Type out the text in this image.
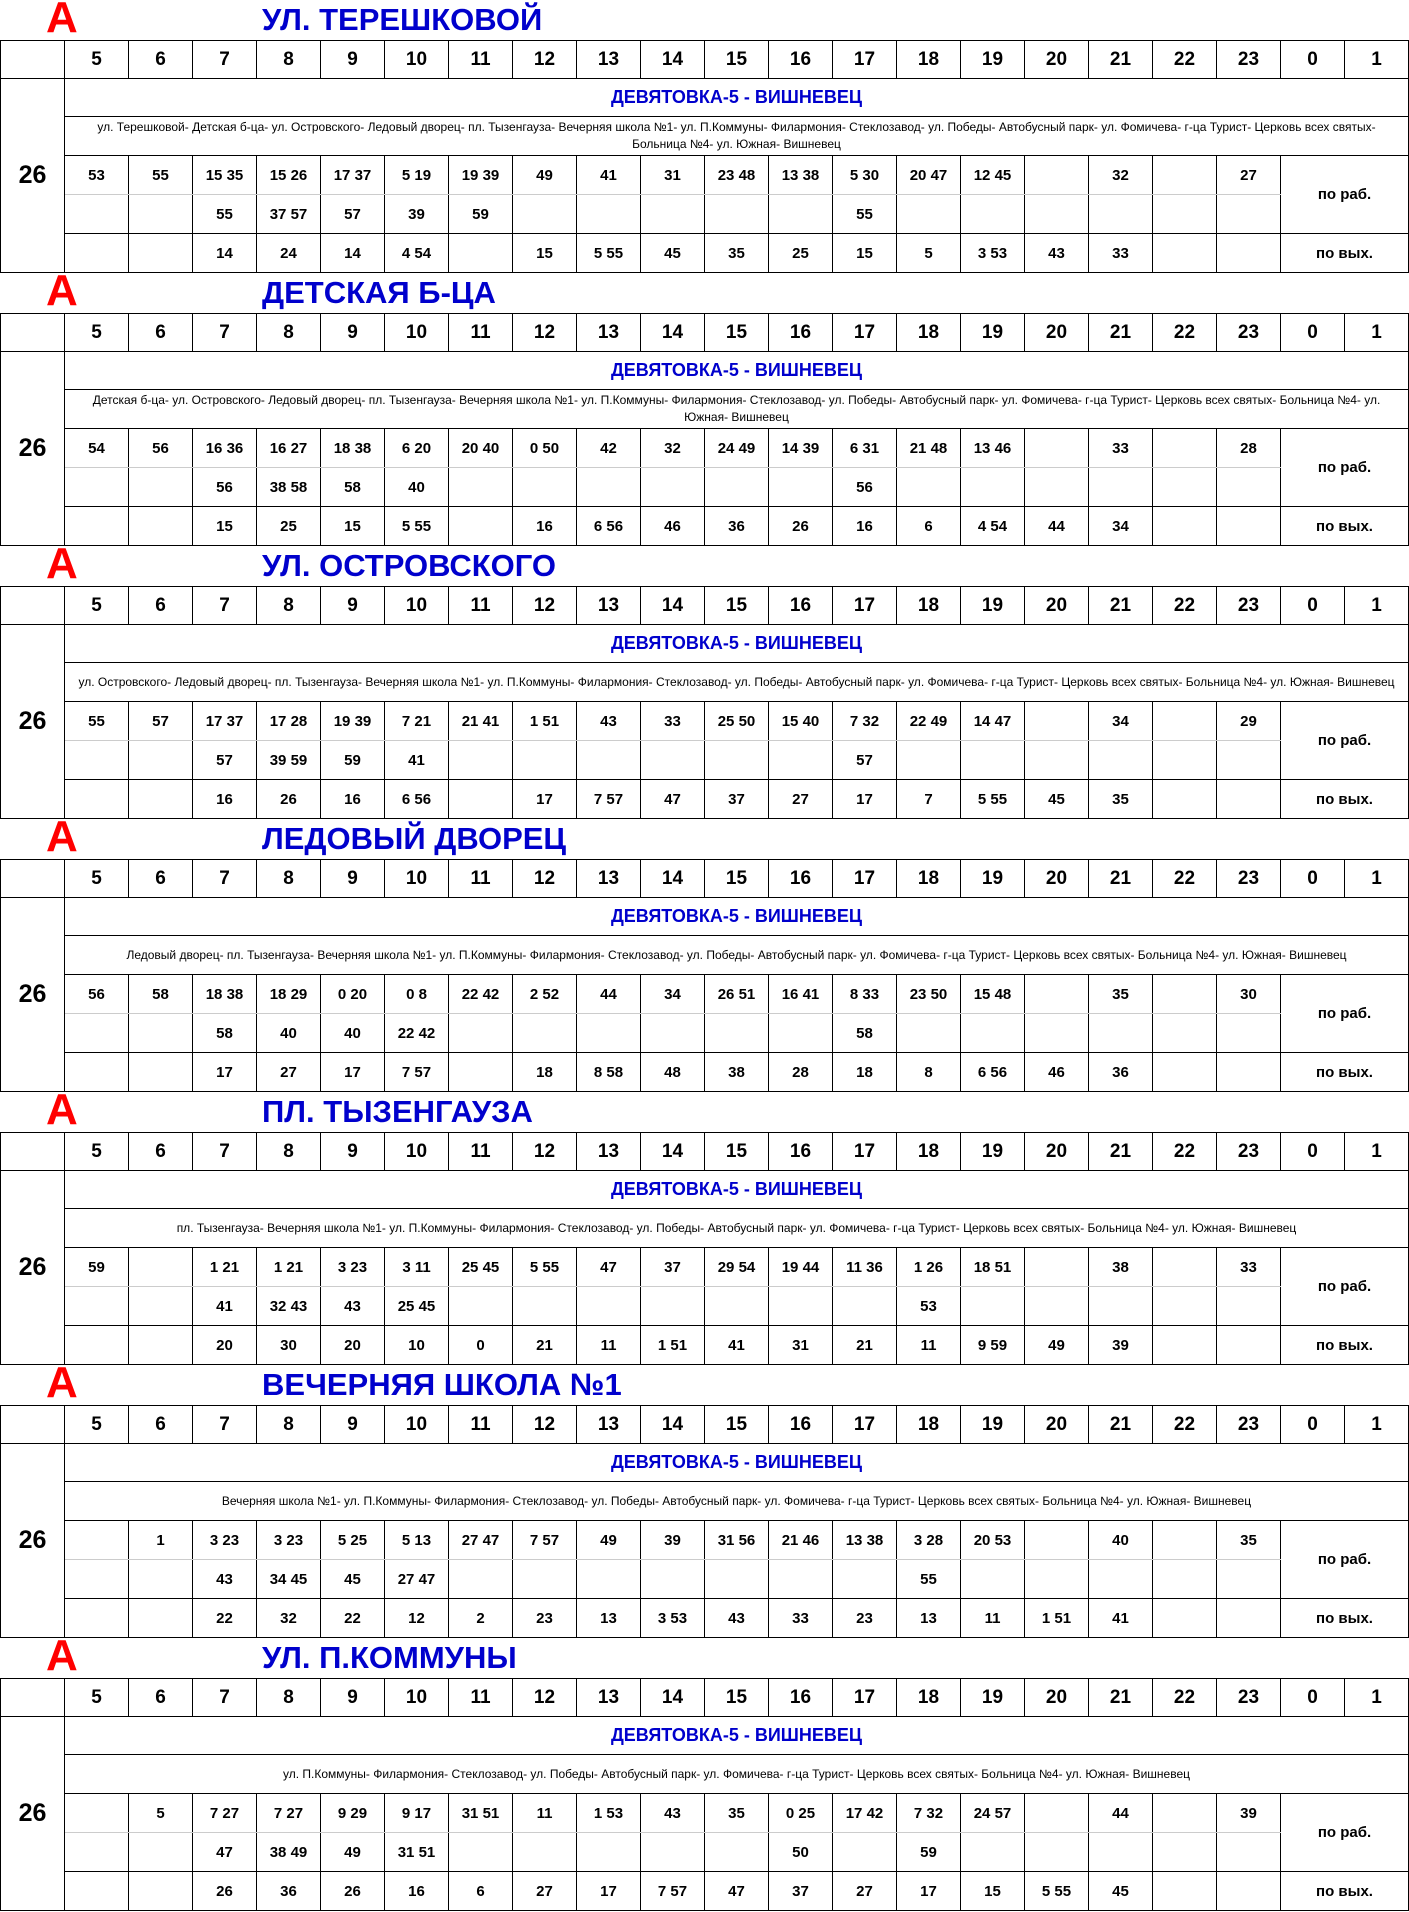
А	УЛ. ТЕРЕШКОВОЙ
	5	6	7	8	9	10	11	12	13	14	15	16	17	18	19	20	21	22	23	0	1
26	ДЕВЯТОВКА-5 - ВИШНЕВЕЦ																				
	ул. Терешковой- Детская б-ца- ул. Островского- Ледовый дворец- пл. Тызенгауза- Вечерняя школа №1- ул. П.Коммуны- Филармония- Стеклозавод- ул. Победы- Автобусный парк- ул. Фомичева- г-ца Турист- Церковь всех святых- Больница №4- ул. Южная- Вишневец																				
	53	55	15 35	15 26	17 37	5 19	19 39	49	41	31	23 48	13 38	5 30	20 47	12 45		32		27	по раб.	
			55	37 57	57	39	59						55								
			14	24	14	4 54		15	5 55	45	35	25	15	5	3 53	43	33			по вых.	
А	ДЕТСКАЯ Б-ЦА
	5	6	7	8	9	10	11	12	13	14	15	16	17	18	19	20	21	22	23	0	1
26	ДЕВЯТОВКА-5 - ВИШНЕВЕЦ																				
	Детская б-ца- ул. Островского- Ледовый дворец- пл. Тызенгауза- Вечерняя школа №1- ул. П.Коммуны- Филармония- Стеклозавод- ул. Победы- Автобусный парк- ул. Фомичева- г-ца Турист- Церковь всех святых- Больница №4- ул. Южная- Вишневец																				
	54	56	16 36	16 27	18 38	6 20	20 40	0 50	42	32	24 49	14 39	6 31	21 48	13 46		33		28	по раб.	
			56	38 58	58	40							56								
			15	25	15	5 55		16	6 56	46	36	26	16	6	4 54	44	34			по вых.	
А	УЛ. ОСТРОВСКОГО
	5	6	7	8	9	10	11	12	13	14	15	16	17	18	19	20	21	22	23	0	1
26	ДЕВЯТОВКА-5 - ВИШНЕВЕЦ																				
	ул. Островского- Ледовый дворец- пл. Тызенгауза- Вечерняя школа №1- ул. П.Коммуны- Филармония- Стеклозавод- ул. Победы- Автобусный парк- ул. Фомичева- г-ца Турист- Церковь всех святых- Больница №4- ул. Южная- Вишневец																				
	55	57	17 37	17 28	19 39	7 21	21 41	1 51	43	33	25 50	15 40	7 32	22 49	14 47		34		29	по раб.	
			57	39 59	59	41							57								
			16	26	16	6 56		17	7 57	47	37	27	17	7	5 55	45	35			по вых.	
А	ЛЕДОВЫЙ ДВОРЕЦ
	5	6	7	8	9	10	11	12	13	14	15	16	17	18	19	20	21	22	23	0	1
26	ДЕВЯТОВКА-5 - ВИШНЕВЕЦ																				
	Ледовый дворец- пл. Тызенгауза- Вечерняя школа №1- ул. П.Коммуны- Филармония- Стеклозавод- ул. Победы- Автобусный парк- ул. Фомичева- г-ца Турист- Церковь всех святых- Больница №4- ул. Южная- Вишневец																				
	56	58	18 38	18 29	0 20	0 8	22 42	2 52	44	34	26 51	16 41	8 33	23 50	15 48		35		30	по раб.	
			58	40	40	22 42							58								
			17	27	17	7 57		18	8 58	48	38	28	18	8	6 56	46	36			по вых.	
А	ПЛ. ТЫЗЕНГАУЗА
	5	6	7	8	9	10	11	12	13	14	15	16	17	18	19	20	21	22	23	0	1
26	ДЕВЯТОВКА-5 - ВИШНЕВЕЦ																				
	пл. Тызенгауза- Вечерняя школа №1- ул. П.Коммуны- Филармония- Стеклозавод- ул. Победы- Автобусный парк- ул. Фомичева- г-ца Турист- Церковь всех святых- Больница №4- ул. Южная- Вишневец																				
	59		1 21	1 21	3 23	3 11	25 45	5 55	47	37	29 54	19 44	11 36	1 26	18 51		38		33	по раб.	
			41	32 43	43	25 45								53							
			20	30	20	10	0	21	11	1 51	41	31	21	11	9 59	49	39			по вых.	
А	ВЕЧЕРНЯЯ ШКОЛА №1
	5	6	7	8	9	10	11	12	13	14	15	16	17	18	19	20	21	22	23	0	1
26	ДЕВЯТОВКА-5 - ВИШНЕВЕЦ																				
	Вечерняя школа №1- ул. П.Коммуны- Филармония- Стеклозавод- ул. Победы- Автобусный парк- ул. Фомичева- г-ца Турист- Церковь всех святых- Больница №4- ул. Южная- Вишневец																				
		1	3 23	3 23	5 25	5 13	27 47	7 57	49	39	31 56	21 46	13 38	3 28	20 53		40		35	по раб.	
			43	34 45	45	27 47								55							
			22	32	22	12	2	23	13	3 53	43	33	23	13	11	1 51	41			по вых.	
А	УЛ. П.КОММУНЫ
	5	6	7	8	9	10	11	12	13	14	15	16	17	18	19	20	21	22	23	0	1
26	ДЕВЯТОВКА-5 - ВИШНЕВЕЦ																				
	ул. П.Коммуны- Филармония- Стеклозавод- ул. Победы- Автобусный парк- ул. Фомичева- г-ца Турист- Церковь всех святых- Больница №4- ул. Южная- Вишневец																				
		5	7 27	7 27	9 29	9 17	31 51	11	1 53	43	35	0 25	17 42	7 32	24 57		44		39	по раб.	
			47	38 49	49	31 51						50		59							
			26	36	26	16	6	27	17	7 57	47	37	27	17	15	5 55	45			по вых.	
